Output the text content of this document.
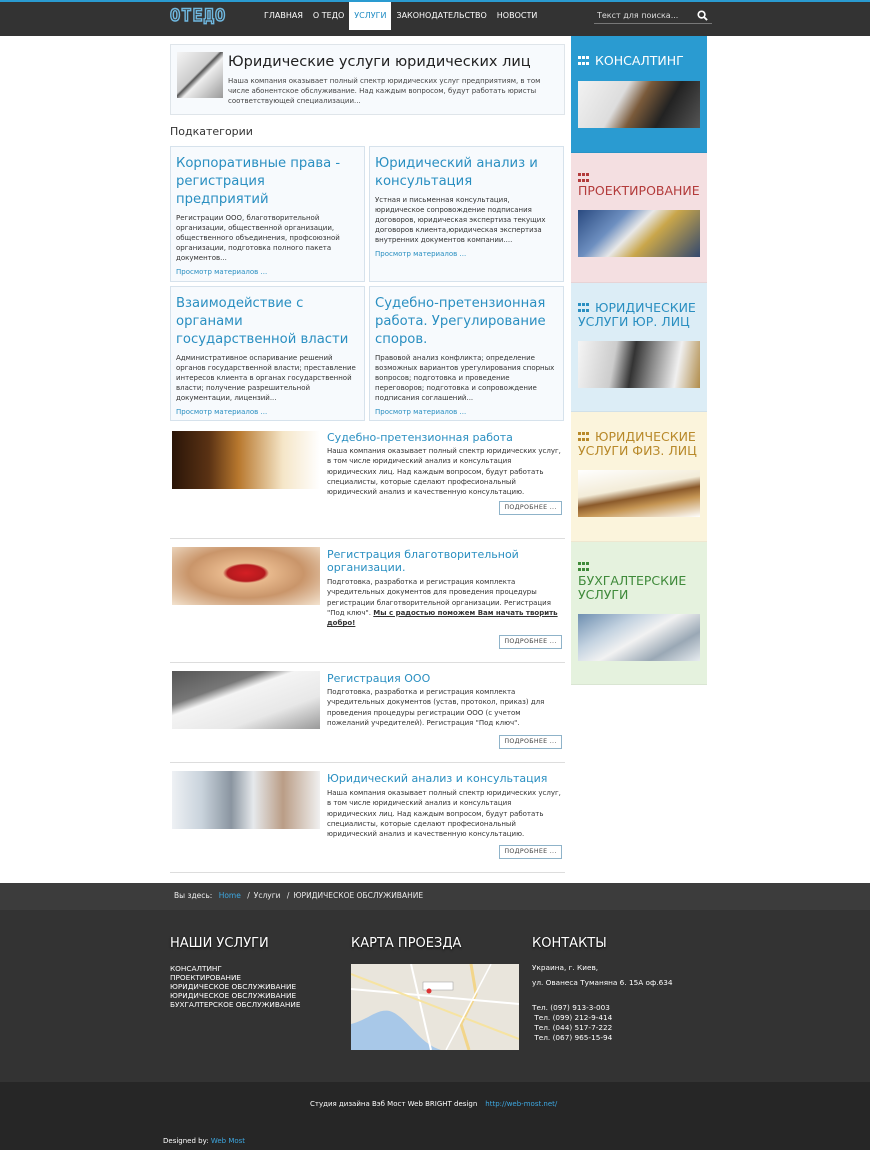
ОТЕДО	ГЛАВНАЯ	О ТЕДО	УСЛУГИ	ЗАКОНОДАТЕЛЬСТВО	НОВОСТИ
Текст для поиска...
Юридические услуги юридических лиц

Наша компания оказывает полный спектр юридических услуг предприятиям, в том числе абонентское обслуживание. Над каждым вопросом, будут работать юристы соответствующей специализации...

Подкатегории
Корпоративные права - регистрация предприятий

Регистрации ООО, благотворительной организации, общественной организации, общественного объединения, профсоюзной организации, подготовка полного пакета документов...

Просмотр материалов ...
Юридический анализ и консультация

Устная и письменная консультация, юридическое сопровождение подписания договоров, юридическая экспертиза текущих договоров клиента,юридическая экспертиза внутренних документов компании....

Просмотр материалов ...
Взаимодействие с органами государственной власти

Административное оспаривание решений органов государственной власти; преставление интересов клиента в органах государственной власти; получение разрешительной документации, лицензий...

Просмотр материалов ...
Судебно-претензионная работа. Урегулирование споров.

Правовой анализ конфликта; определение возможных вариантов урегулирования спорных вопросов; подготовка и проведение переговоров; подготовка и сопровождение подписания соглашений...

Просмотр материалов ...
Судебно-претензионная работа

Наша компания оказывает полный спектр юридических услуг, в том числе юридический анализ и консультация юридических лиц. Над каждым вопросом, будут работать специалисты, которые сделают професиональный юридический анализ и качественную консультацию.

ПОДРОБНЕЕ ...
Регистрация благотворительной организации.

Подготовка, разработка и регистрация комплекта учредительных документов для проведения процедуры регистрации благотворительной организации. Регистрация "Под ключ". Мы с радостью поможем Вам начать творить добро!

ПОДРОБНЕЕ ...
Регистрация ООО

Подготовка, разработка и регистрация комплекта учредительных документов (устав, протокол, приказ) для проведения процедуры регистрации ООО (с учетом пожеланий учредителей). Регистрация "Под ключ".

ПОДРОБНЕЕ ...
Юридический анализ и консультация

Наша компания оказывает полный спектр юридических услуг, в том числе юридический анализ и консультация юридических лиц. Над каждым вопросом, будут работать специалисты, которые сделают професиональный юридический анализ и качественную консультацию.

ПОДРОБНЕЕ ...
КОНСАЛТИНГ
ПРОЕКТИРОВАНИЕ
ЮРИДИЧЕСКИЕ УСЛУГИ ЮР. ЛИЦ
ЮРИДИЧЕСКИЕ УСЛУГИ ФИЗ. ЛИЦ
БУХГАЛТЕРСКИЕ УСЛУГИ
Вы здесь: Home / Услуги / ЮРИДИЧЕСКОЕ ОБСЛУЖИВАНИЕ
НАШИ УСЛУГИ
КОНСАЛТИНГ
ПРОЕКТИРОВАНИЕ
ЮРИДИЧЕСКОЕ ОБСЛУЖИВАНИЕ
ЮРИДИЧЕСКОЕ ОБСЛУЖИВАНИЕ
БУХГАЛТЕРСКОЕ ОБСЛУЖИВАНИЕ
КАРТА ПРОЕЗДА	КОНТАКТЫ
Украина, г. Киев,
ул. Ованеса Туманяна 6. 15А оф.634
Тел. (097) 913-3-003
Тел. (099) 212-9-414
Тел. (044) 517-7-222
Тел. (067) 965-15-94
Студия дизайна Вэб Мост Web BRIGHT design http://web-most.net/
Designed by: Web Most
